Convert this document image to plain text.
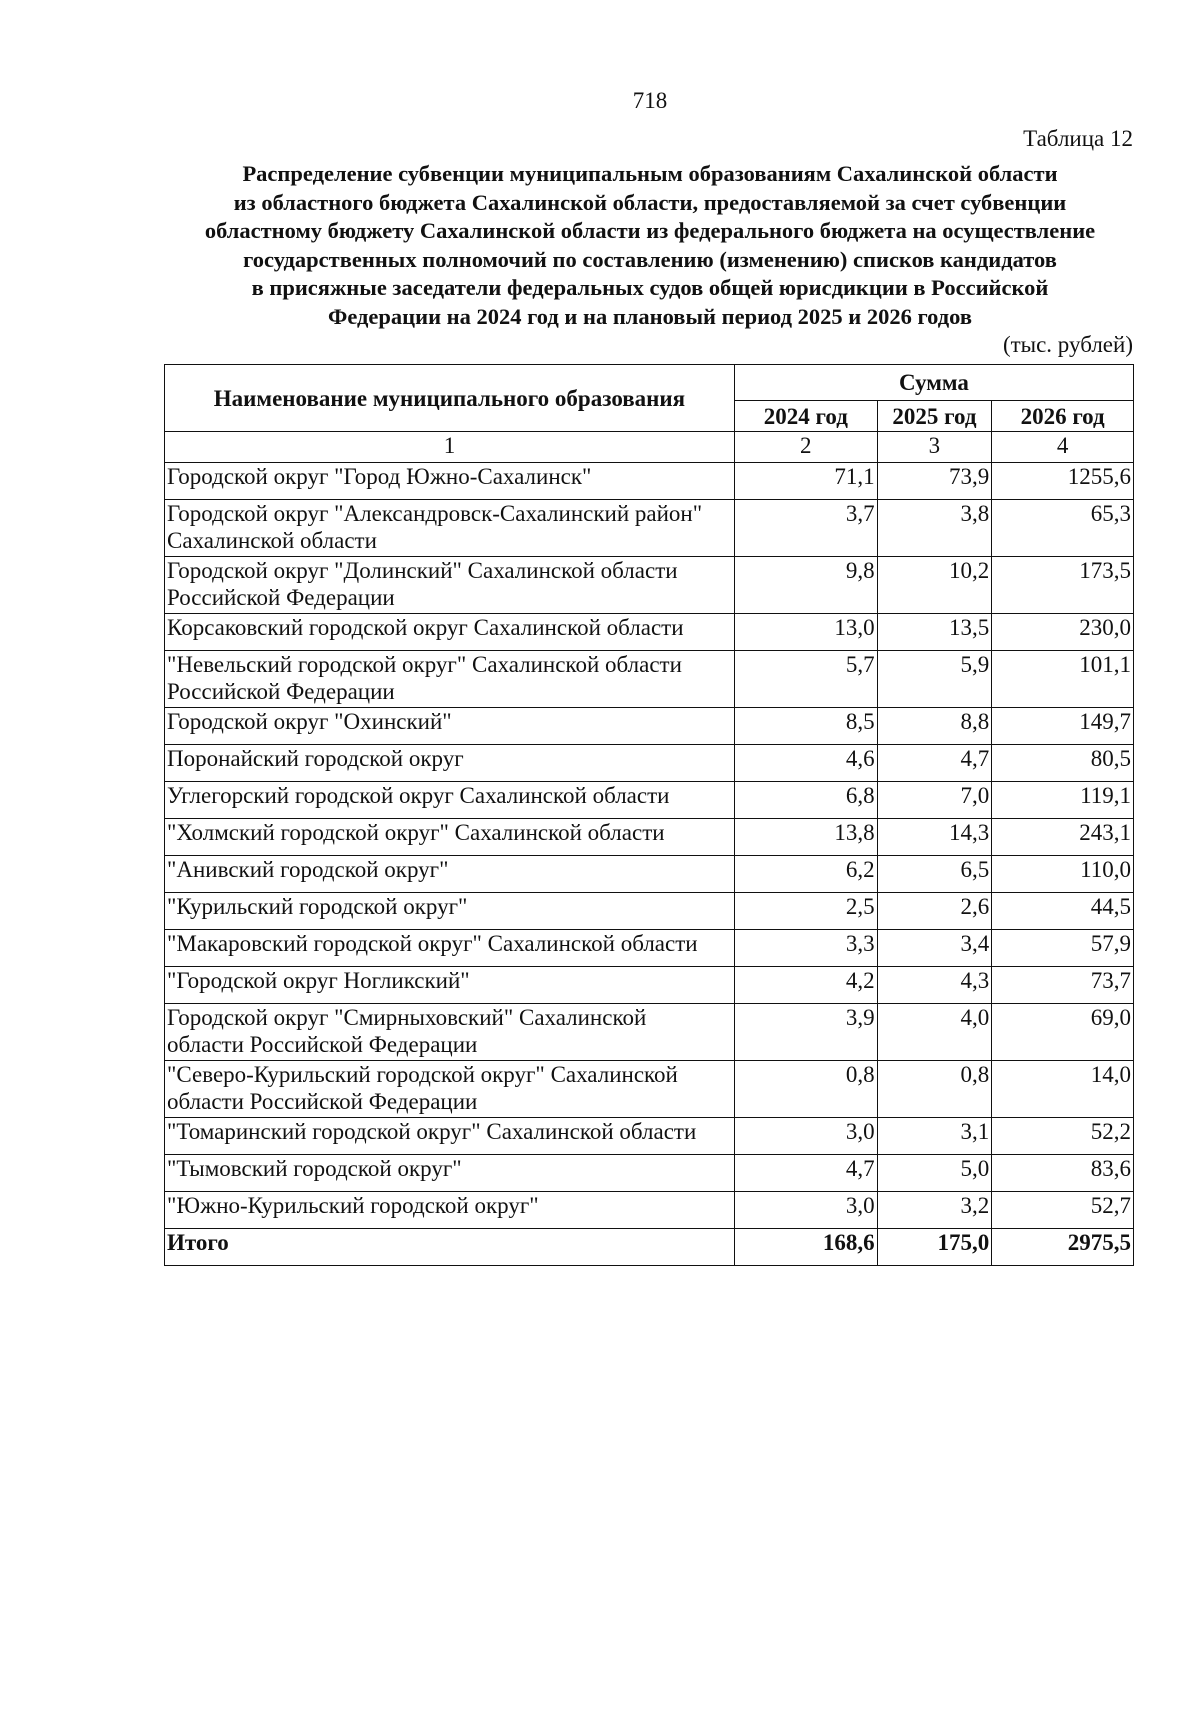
718
Таблица 12
Распределение субвенции муниципальным образованиям Сахалинской области
из областного бюджета Сахалинской области, предоставляемой за счет субвенции
областному бюджету Сахалинской области из федерального бюджета на осуществление
государственных полномочий по составлению (изменению) списков кандидатов
в присяжные заседатели федеральных судов общей юрисдикции в Российской
Федерации на 2024 год и на плановый период 2025 и 2026 годов
(тыс. рублей)
Наименование муниципального образования	Сумма		
	2024 год	2025 год	2026 год
1	2	3	4
Городской округ "Город Южно-Сахалинск"	71,1	73,9	1255,6
Городской округ "Александровск-Сахалинский район"
Сахалинской области	3,7	3,8	65,3
Городской округ "Долинский" Сахалинской области
Российской Федерации	9,8	10,2	173,5
Корсаковский городской округ Сахалинской области	13,0	13,5	230,0
"Невельский городской округ" Сахалинской области
Российской Федерации	5,7	5,9	101,1
Городской округ "Охинский"	8,5	8,8	149,7
Поронайский городской округ	4,6	4,7	80,5
Углегорский городской округ Сахалинской области	6,8	7,0	119,1
"Холмский городской округ" Сахалинской области	13,8	14,3	243,1
"Анивский городской округ"	6,2	6,5	110,0
"Курильский городской округ"	2,5	2,6	44,5
"Макаровский городской округ" Сахалинской области	3,3	3,4	57,9
"Городской округ Ногликский"	4,2	4,3	73,7
Городской округ "Смирныховский" Сахалинской
области Российской Федерации	3,9	4,0	69,0
"Северо-Курильский городской округ" Сахалинской
области Российской Федерации	0,8	0,8	14,0
"Томаринский городской округ" Сахалинской области	3,0	3,1	52,2
"Тымовский городской округ"	4,7	5,0	83,6
"Южно-Курильский городской округ"	3,0	3,2	52,7
Итого	168,6	175,0	2975,5
